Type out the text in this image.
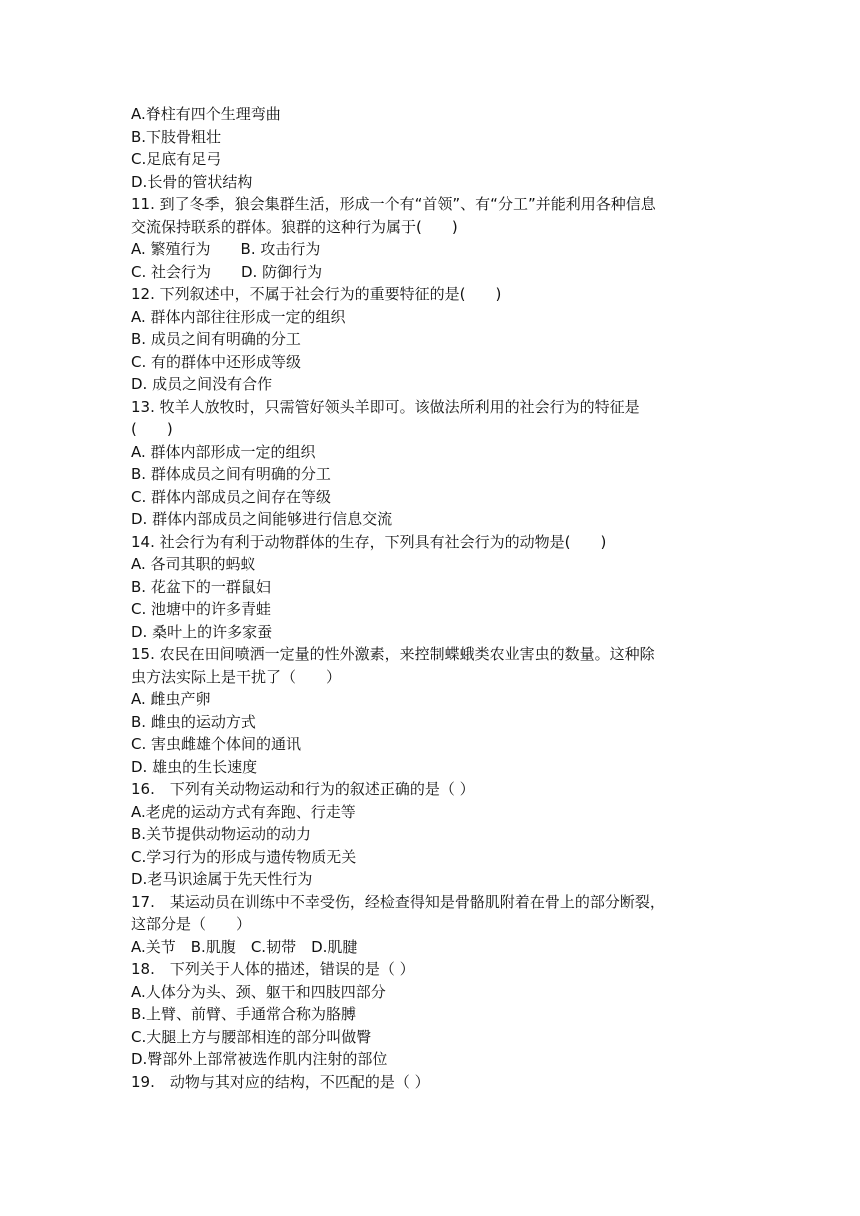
A.脊柱有四个生理弯曲
B.下肢骨粗壮
C.足底有足弓
D.长骨的管状结构
11. 到了冬季，狼会集群生活，形成一个有“首领”、有“分工”并能利用各种信息
交流保持联系的群体。狼群的这种行为属于(　　)
A. 繁殖行为　　B. 攻击行为
C. 社会行为　　D. 防御行为
12. 下列叙述中，不属于社会行为的重要特征的是(　　)
A. 群体内部往往形成一定的组织
B. 成员之间有明确的分工
C. 有的群体中还形成等级
D. 成员之间没有合作
13. 牧羊人放牧时，只需管好领头羊即可。该做法所利用的社会行为的特征是
(　　)
A. 群体内部形成一定的组织
B. 群体成员之间有明确的分工
C. 群体内部成员之间存在等级
D. 群体内部成员之间能够进行信息交流
14. 社会行为有利于动物群体的生存，下列具有社会行为的动物是(　　)
A. 各司其职的蚂蚁
B. 花盆下的一群鼠妇
C. 池塘中的许多青蛙
D. 桑叶上的许多家蚕
15. 农民在田间喷洒一定量的性外激素，来控制蝶蛾类农业害虫的数量。这种除
虫方法实际上是干扰了（　　）
A. 雌虫产卵
B. 雌虫的运动方式
C. 害虫雌雄个体间的通讯
D. 雄虫的生长速度
16.　下列有关动物运动和行为的叙述正确的是（ ）
A.老虎的运动方式有奔跑、行走等
B.关节提供动物运动的动力
C.学习行为的形成与遗传物质无关
D.老马识途属于先天性行为
17.　某运动员在训练中不幸受伤，经检查得知是骨骼肌附着在骨上的部分断裂，
这部分是（　　）
A.关节　B.肌腹　C.韧带　D.肌腱
18.　下列关于人体的描述，错误的是（ ）
A.人体分为头、颈、躯干和四肢四部分
B.上臂、前臂、手通常合称为胳膊
C.大腿上方与腰部相连的部分叫做臀
D.臀部外上部常被选作肌内注射的部位
19.　动物与其对应的结构，不匹配的是（ ）
